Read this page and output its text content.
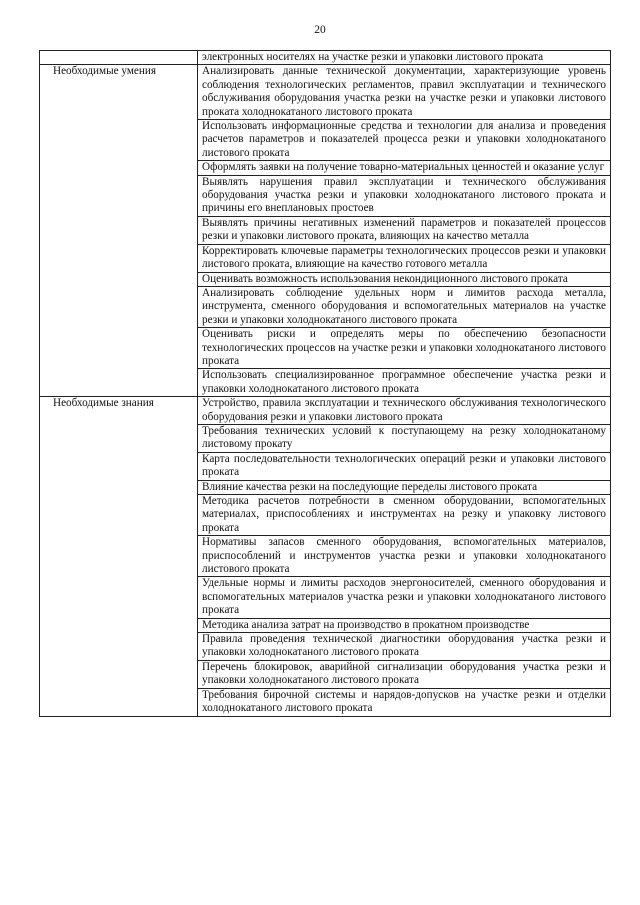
20

	электронных носителях на участке резки и упаковки листового проката

Необходимые умения	Анализировать данные технической документации, характеризующие уровень соблюдения технологических регламентов, правил эксплуатации и технического обслуживания оборудования участка резки на участке резки и упаковки листового проката холоднокатаного листового проката

	Использовать информационные средства и технологии для анализа и проведения расчетов параметров и показателей процесса резки и упаковки холоднокатаного листового проката

	Оформлять заявки на получение товарно-материальных ценностей и оказание услуг

	Выявлять нарушения правил эксплуатации и технического обслуживания оборудования участка резки и упаковки холоднокатаного листового проката и причины его внеплановых простоев

	Выявлять причины негативных изменений параметров и показателей процессов резки и упаковки листового проката, влияющих на качество металла

	Корректировать ключевые параметры технологических процессов резки и упаковки листового проката, влияющие на качество готового металла

	Оценивать возможность использования некондиционного листового проката

	Анализировать соблюдение удельных норм и лимитов расхода металла, инструмента, сменного оборудования и вспомогательных материалов на участке резки и упаковки холоднокатаного листового проката

	Оценивать риски и определять меры по обеспечению безопасности технологических процессов на участке резки и упаковки холоднокатаного листового проката

	Использовать специализированное программное обеспечение участка резки и упаковки холоднокатаного листового проката

Необходимые знания	Устройство, правила эксплуатации и технического обслуживания технологического оборудования резки и упаковки листового проката

	Требования технических условий к поступающему на резку холоднокатаному листовому прокату

	Карта последовательности технологических операций резки и упаковки листового проката

	Влияние качества резки на последующие переделы листового проката

	Методика расчетов потребности в сменном оборудовании, вспомогательных материалах, приспособлениях и инструментах на резку и упаковку листового проката

	Нормативы запасов сменного оборудования, вспомогательных материалов, приспособлений и инструментов участка резки и упаковки холоднокатаного листового проката

	Удельные нормы и лимиты расходов энергоносителей, сменного оборудования и вспомогательных материалов участка резки и упаковки холоднокатаного листового проката

	Методика анализа затрат на производство в прокатном производстве

	Правила проведения технической диагностики оборудования участка резки и упаковки холоднокатаного листового проката

	Перечень блокировок, аварийной сигнализации оборудования участка резки и упаковки холоднокатаного листового проката

	Требования бирочной системы и нарядов-допусков на участке резки и отделки холоднокатаного листового проката
